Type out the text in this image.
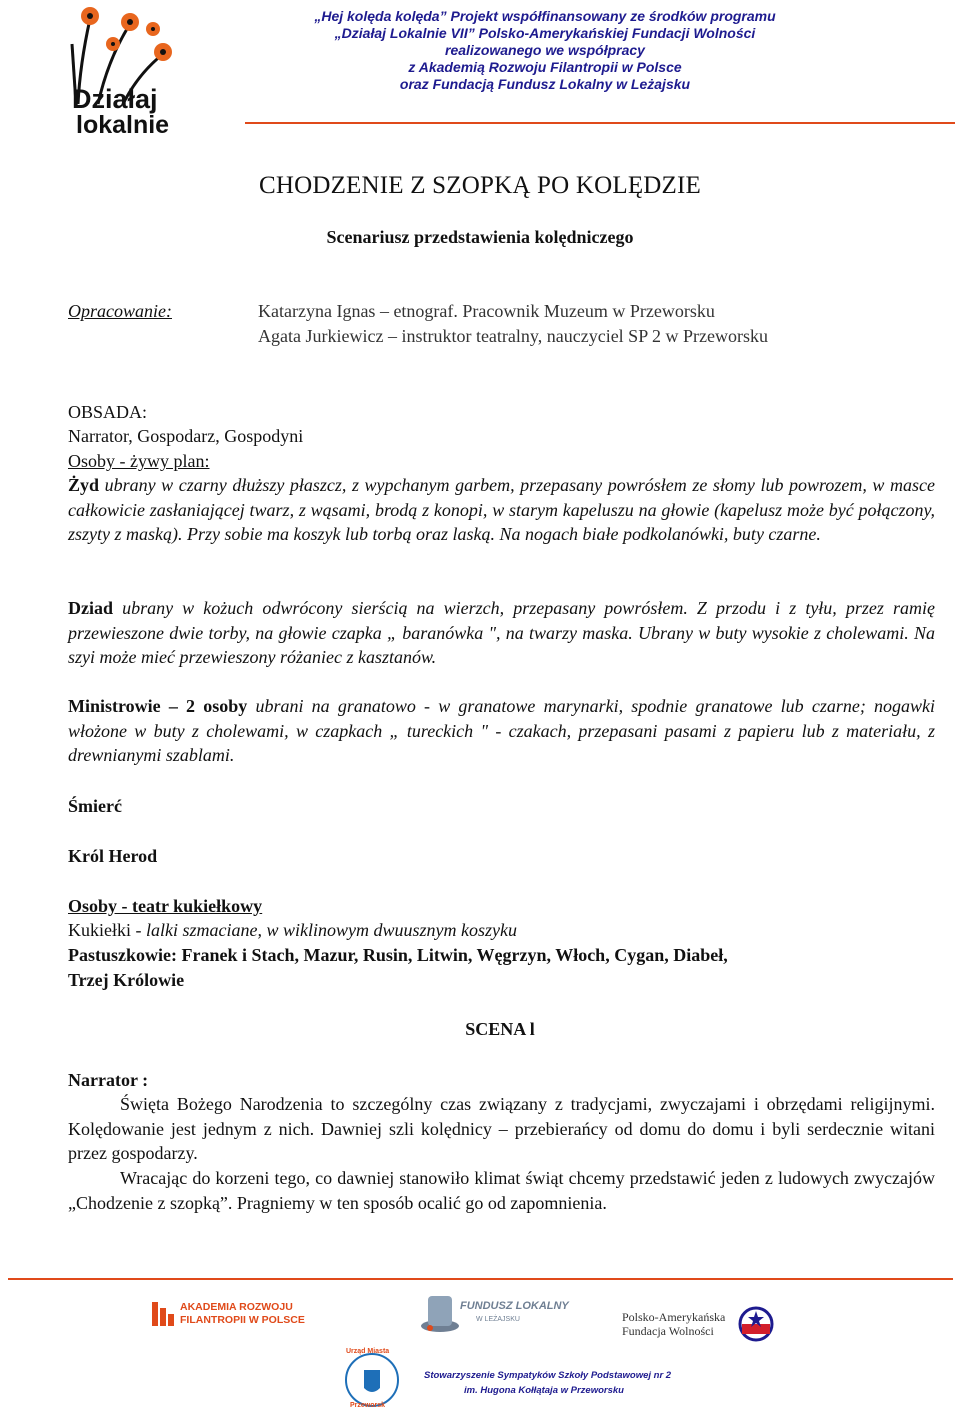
Działaj
lokalnie
„Hej kolęda kolęda” Projekt współfinansowany ze środków programu
„Działaj Lokalnie VII” Polsko-Amerykańskiej Fundacji Wolności
realizowanego we współpracy
z Akademią Rozwoju Filantropii w Polsce
oraz Fundacją Fundusz Lokalny w Leżajsku
CHODZENIE Z SZOPKĄ PO KOLĘDZIE
Scenariusz przedstawienia kolędniczego
Opracowanie:	Katarzyna Ignas – etnograf. Pracownik Muzeum w Przeworsku
Agata Jurkiewicz – instruktor teatralny, nauczyciel SP 2 w Przeworsku
OBSADA:
Narrator, Gospodarz, Gospodyni
Osoby - żywy plan:
Żyd ubrany w czarny dłuższy płaszcz, z wypchanym garbem, przepasany powrósłem ze słomy lub powrozem, w masce całkowicie zasłaniającej twarz, z wąsami, brodą z konopi, w starym kapeluszu na głowie (kapelusz może być połączony, zszyty z maską). Przy sobie ma koszyk lub torbą oraz laską. Na nogach białe podkolanówki, buty czarne.
Dziad ubrany w kożuch odwrócony sierścią na wierzch, przepasany powrósłem. Z przodu i z tyłu, przez ramię przewieszone dwie torby, na głowie czapka „ baranówka ", na twarzy maska. Ubrany w buty wysokie z cholewami. Na szyi może mieć przewieszony różaniec z kasztanów.
Ministrowie – 2 osoby ubrani na granatowo - w granatowe marynarki, spodnie granatowe lub czarne; nogawki włożone w buty z cholewami, w czapkach „ tureckich " - czakach, przepasani pasami z papieru lub z materiału, z drewnianymi szablami.
Śmierć
Król Herod
Osoby - teatr kukiełkowy
Kukiełki - lalki szmaciane, w wiklinowym dwuusznym koszyku
Pastuszkowie: Franek i Stach, Mazur, Rusin, Litwin, Węgrzyn, Włoch, Cygan, Diabeł,
Trzej Królowie
SCENA l
Narrator :
Święta Bożego Narodzenia to szczególny czas związany z tradycjami, zwyczajami i obrzędami religijnymi. Kolędowanie jest jednym z nich. Dawniej szli kolędnicy – przebierańcy od domu do domu i byli serdecznie witani przez gospodarzy.
Wracając do korzeni tego, co dawniej stanowiło klimat świąt chcemy przedstawić jeden z ludowych zwyczajów „Chodzenie z szopką”. Pragniemy w ten sposób ocalić go od zapomnienia.
AKADEMIA ROZWOJU
FILANTROPII W POLSCE
FUNDUSZ LOKALNY
W LEŻAJSKU	Polsko-Amerykańska
Fundacja Wolności
Urząd Miasta
Przeworsk
Stowarzyszenie Sympatyków Szkoły Podstawowej nr 2
im. Hugona Kołłątaja w Przeworsku
